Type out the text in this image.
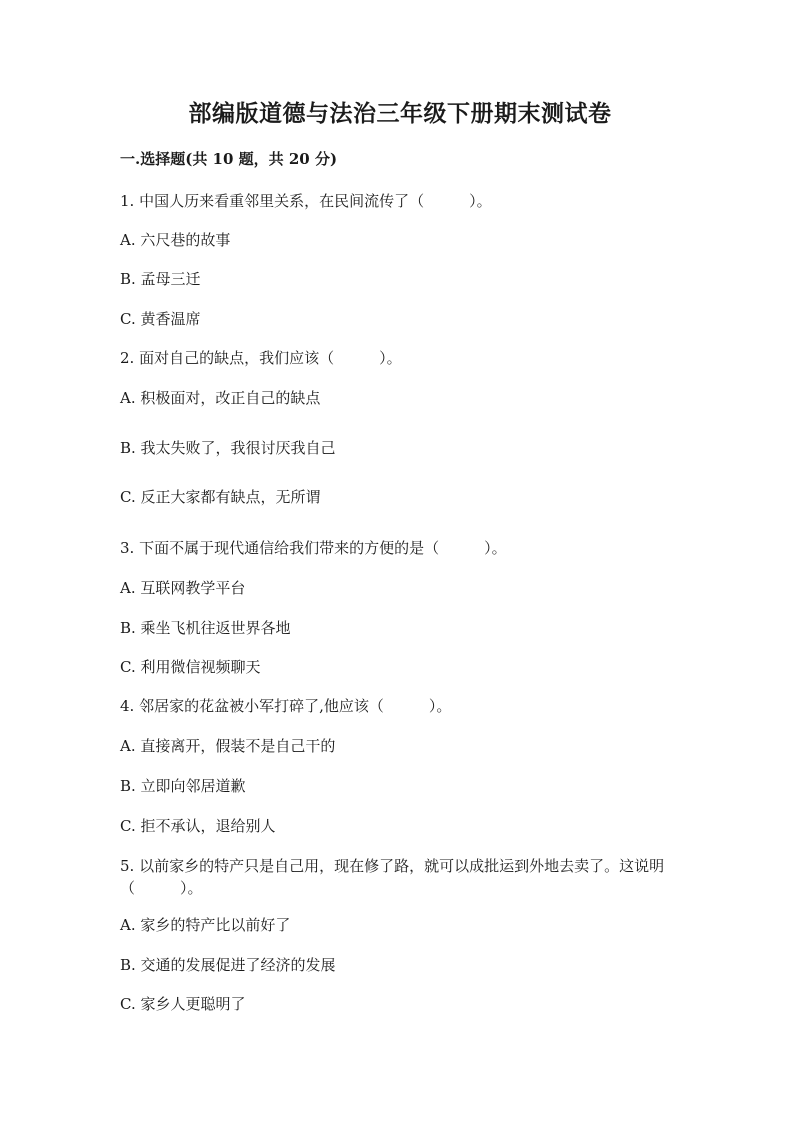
部编版道德与法治三年级下册期末测试卷
一.选择题(共 10 题，共 20 分)
1. 中国人历来看重邻里关系，在民间流传了（　　　）。
A. 六尺巷的故事
B. 孟母三迁
C. 黄香温席
2. 面对自己的缺点，我们应该（　　　）。
A. 积极面对，改正自己的缺点
B. 我太失败了，我很讨厌我自己
C. 反正大家都有缺点，无所谓
3. 下面不属于现代通信给我们带来的方便的是（　　　）。
A. 互联网教学平台
B. 乘坐飞机往返世界各地
C. 利用微信视频聊天
4. 邻居家的花盆被小军打碎了,他应该（　　　）。
A. 直接离开，假装不是自己干的
B. 立即向邻居道歉
C. 拒不承认，退给别人
5. 以前家乡的特产只是自己用，现在修了路，就可以成批运到外地去卖了。这说明（　　　）。
A. 家乡的特产比以前好了
B. 交通的发展促进了经济的发展
C. 家乡人更聪明了
